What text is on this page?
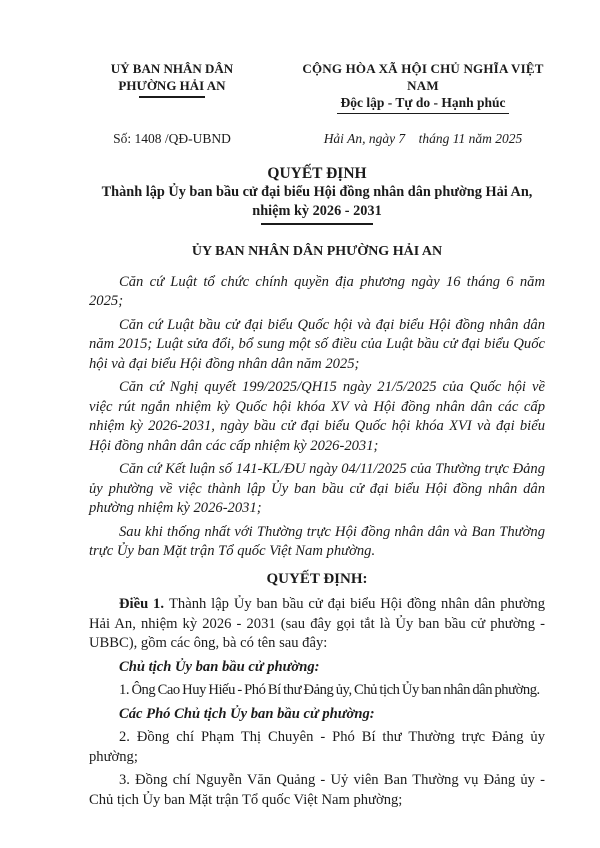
UỶ BAN NHÂN DÂN
PHƯỜNG HẢI AN
CỘNG HÒA XÃ HỘI CHỦ NGHĨA VIỆT NAM
Độc lập - Tự do - Hạnh phúc
Số: 1408 /QĐ-UBND	Hải An, ngày 7    tháng 11 năm 2025
QUYẾT ĐỊNH
Thành lập Ủy ban bầu cử đại biểu Hội đồng nhân dân phường Hải An,
nhiệm kỳ 2026 - 2031
ỦY BAN NHÂN DÂN PHƯỜNG HẢI AN

Căn cứ Luật tổ chức chính quyền địa phương ngày 16 tháng 6 năm 2025;

Căn cứ Luật bầu cử đại biểu Quốc hội và đại biểu Hội đồng nhân dân năm 2015; Luật sửa đổi, bổ sung một số điều của Luật bầu cử đại biểu Quốc hội và đại biểu Hội đồng nhân dân năm 2025;

Căn cứ Nghị quyết 199/2025/QH15 ngày 21/5/2025 của Quốc hội về việc rút ngắn nhiệm kỳ Quốc hội khóa XV và Hội đồng nhân dân các cấp nhiệm kỳ 2026-2031, ngày bầu cử đại biểu Quốc hội khóa XVI và đại biểu Hội đồng nhân dân các cấp nhiệm kỳ 2026-2031;

Căn cứ Kết luận số 141-KL/ĐU ngày 04/11/2025 của Thường trực Đảng ủy phường về việc thành lập Ủy ban bầu cử đại biểu Hội đồng nhân dân phường nhiệm kỳ 2026-2031;

Sau khi thống nhất với Thường trực Hội đồng nhân dân và Ban Thường trực Ủy ban Mặt trận Tổ quốc Việt Nam phường.

QUYẾT ĐỊNH:

Điều 1. Thành lập Ủy ban bầu cử đại biểu Hội đồng nhân dân phường Hải An, nhiệm kỳ 2026 - 2031 (sau đây gọi tắt là Ủy ban bầu cử phường - UBBC), gồm các ông, bà có tên sau đây:

Chủ tịch Ủy ban bầu cử phường:

1. Ông Cao Huy Hiếu - Phó Bí thư Đảng ủy, Chủ tịch Ủy ban nhân dân phường.

Các Phó Chủ tịch Ủy ban bầu cử phường:

2. Đồng chí Phạm Thị Chuyên - Phó Bí thư Thường trực Đảng ủy phường;

3. Đồng chí Nguyễn Văn Quảng - Uỷ viên Ban Thường vụ Đảng ủy - Chủ tịch Ủy ban Mặt trận Tổ quốc Việt Nam phường;
